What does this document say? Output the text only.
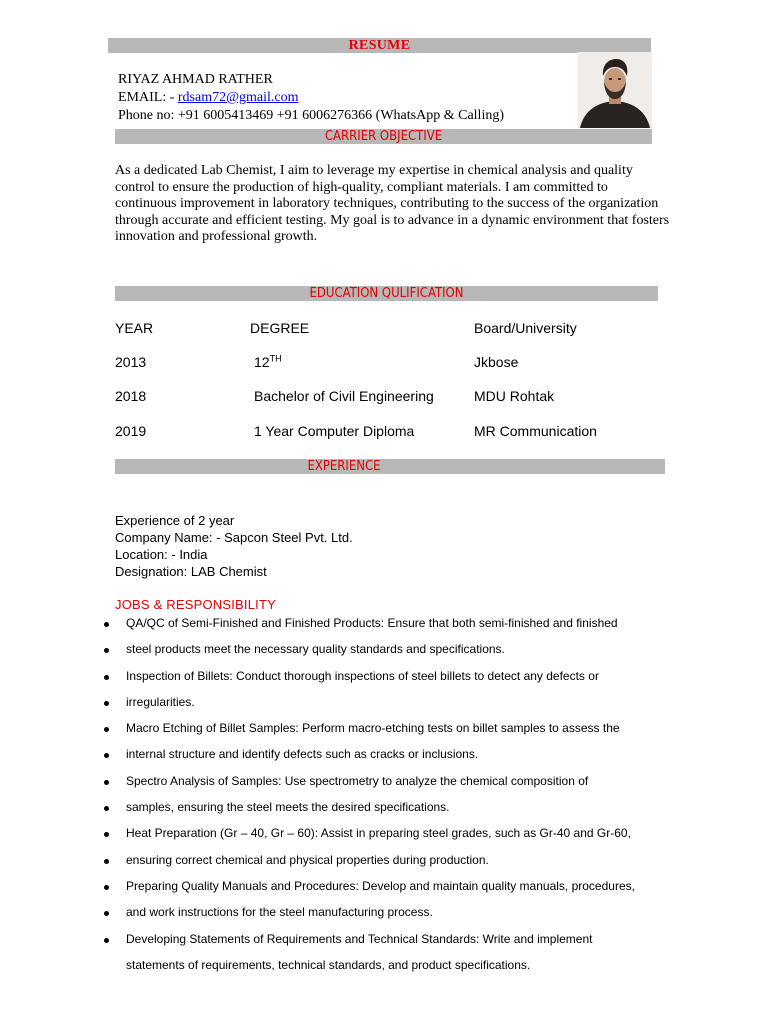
RESUME
RIYAZ AHMAD RATHER
EMAIL: - rdsam72@gmail.com
Phone no: +91 6005413469 +91 6006276366 (WhatsApp & Calling)
CARRIER OBJECTIVE
As a dedicated Lab Chemist, I aim to leverage my expertise in chemical analysis and quality control to ensure the production of high-quality, compliant materials. I am committed to continuous improvement in laboratory techniques, contributing to the success of the organization through accurate and efficient testing. My goal is to advance in a dynamic environment that fosters innovation and professional growth.
EDUCATION QULIFICATION
YEAR	DEGREE	Board/University
2013	12TH	Jkbose
2018	Bachelor of Civil Engineering	MDU Rohtak
2019	1 Year Computer Diploma	MR Communication
EXPERIENCE
Experience of 2 year
Company Name: - Sapcon Steel Pvt. Ltd.
Location: - India
Designation: LAB Chemist
JOBS & RESPONSIBILITY
QA/QC of Semi-Finished and Finished Products: Ensure that both semi-finished and finished
steel products meet the necessary quality standards and specifications.
Inspection of Billets: Conduct thorough inspections of steel billets to detect any defects or
irregularities.
Macro Etching of Billet Samples: Perform macro-etching tests on billet samples to assess the
internal structure and identify defects such as cracks or inclusions.
Spectro Analysis of Samples: Use spectrometry to analyze the chemical composition of
samples, ensuring the steel meets the desired specifications.
Heat Preparation (Gr – 40, Gr – 60): Assist in preparing steel grades, such as Gr-40 and Gr-60,
ensuring correct chemical and physical properties during production.
Preparing Quality Manuals and Procedures: Develop and maintain quality manuals, procedures,
and work instructions for the steel manufacturing process.
Developing Statements of Requirements and Technical Standards: Write and implement
statements of requirements, technical standards, and product specifications.
